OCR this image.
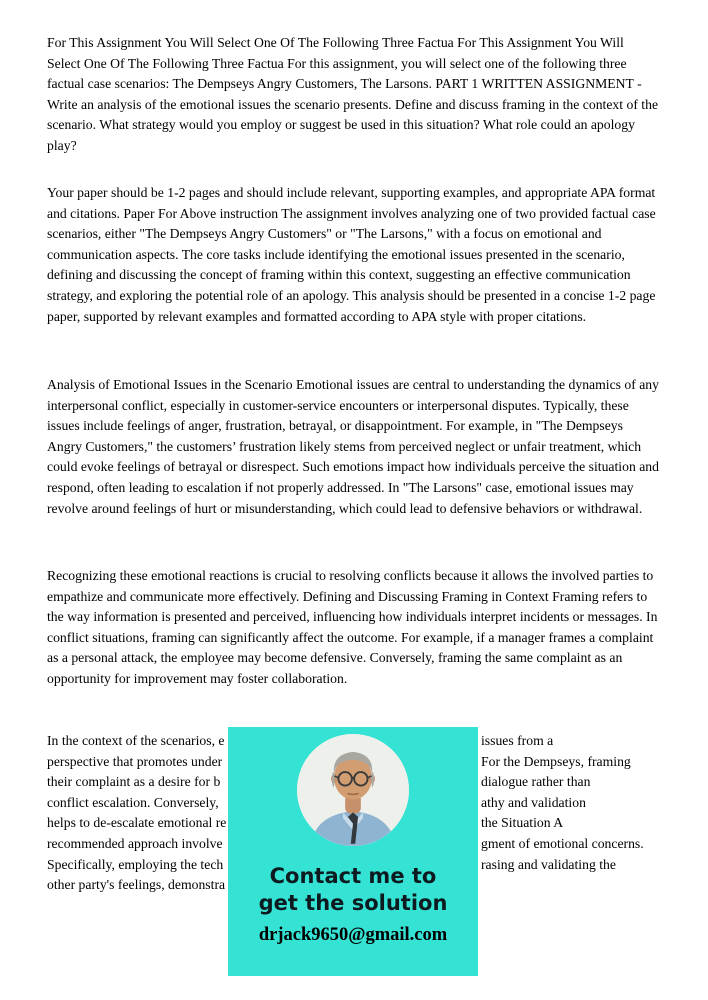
For This Assignment You Will Select One Of The Following Three Factua For This Assignment You Will Select One Of The Following Three Factua For this assignment, you will select one of the following three factual case scenarios: The Dempseys Angry Customers, The Larsons. PART 1 WRITTEN ASSIGNMENT - Write an analysis of the emotional issues the scenario presents. Define and discuss framing in the context of the scenario. What strategy would you employ or suggest be used in this situation? What role could an apology play?

Your paper should be 1-2 pages and should include relevant, supporting examples, and appropriate APA format and citations. Paper For Above instruction The assignment involves analyzing one of two provided factual case scenarios, either "The Dempseys Angry Customers" or "The Larsons," with a focus on emotional and communication aspects. The core tasks include identifying the emotional issues presented in the scenario, defining and discussing the concept of framing within this context, suggesting an effective communication strategy, and exploring the potential role of an apology. This analysis should be presented in a concise 1-2 page paper, supported by relevant examples and formatted according to APA style with proper citations.

Analysis of Emotional Issues in the Scenario Emotional issues are central to understanding the dynamics of any interpersonal conflict, especially in customer-service encounters or interpersonal disputes. Typically, these issues include feelings of anger, frustration, betrayal, or disappointment. For example, in "The Dempseys Angry Customers," the customers’ frustration likely stems from perceived neglect or unfair treatment, which could evoke feelings of betrayal or disrespect. Such emotions impact how individuals perceive the situation and respond, often leading to escalation if not properly addressed. In "The Larsons" case, emotional issues may revolve around feelings of hurt or misunderstanding, which could lead to defensive behaviors or withdrawal.

Recognizing these emotional reactions is crucial to resolving conflicts because it allows the involved parties to empathize and communicate more effectively. Defining and Discussing Framing in Context Framing refers to the way information is presented and perceived, influencing how individuals interpret incidents or messages. In conflict situations, framing can significantly affect the outcome. For example, if a manager frames a complaint as a personal attack, the employee may become defensive. Conversely, framing the same complaint as an opportunity for improvement may foster collaboration.

In the context of the scenarios, e	issues from a
perspective that promotes under	For the Dempseys, framing
their complaint as a desire for b	dialogue rather than
conflict escalation. Conversely,	athy and validation
helps to de-escalate emotional re	the Situation A
recommended approach involve	gment of emotional concerns.
Specifically, employing the tech	rasing and validating the
other party's feelings, demonstra	Contact me to
get the solution
drjack9650@gmail.com
